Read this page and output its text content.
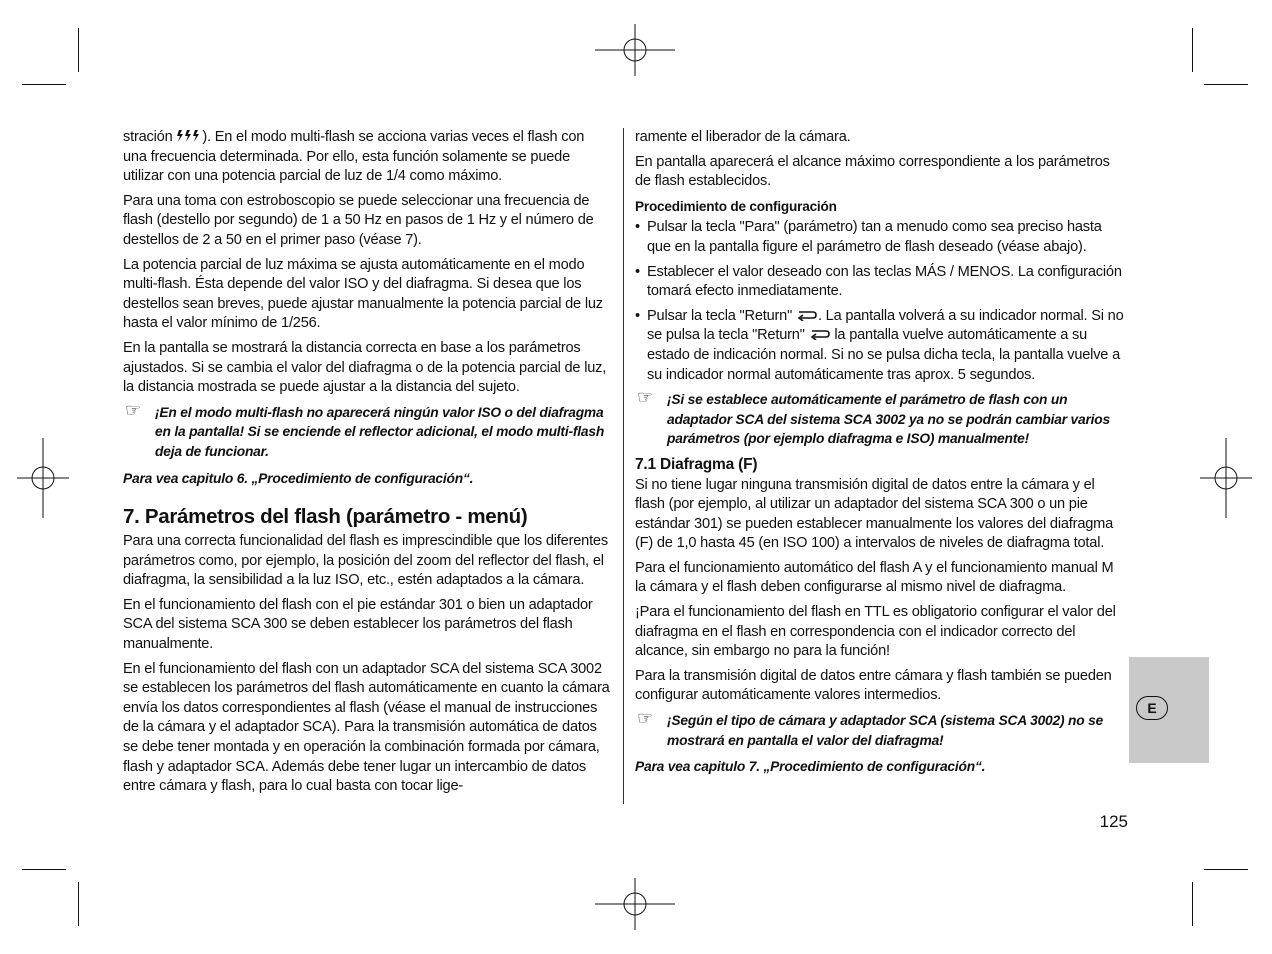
stración ). En el modo multi-flash se acciona varias veces el flash con una frecuencia determinada. Por ello, esta función solamente se puede utilizar con una potencia parcial de luz de 1/4 como máximo.

Para una toma con estroboscopio se puede seleccionar una frecuencia de flash (destello por segundo) de 1 a 50 Hz en pasos de 1 Hz y el número de destellos de 2 a 50 en el primer paso (véase 7).

La potencia parcial de luz máxima se ajusta automáticamente en el modo multi-flash. Ésta depende del valor ISO y del diafragma. Si desea que los destellos sean breves, puede ajustar manualmente la potencia parcial de luz hasta el valor mínimo de 1/256.

En la pantalla se mostrará la distancia correcta en base a los parámetros ajustados. Si se cambia el valor del diafragma o de la potencia parcial de luz, la distancia mostrada se puede ajustar a la distancia del sujeto.

☞ ¡En el modo multi-flash no aparecerá ningún valor ISO o del diafragma en la pantalla! Si se enciende el reflector adicional, el modo multi-flash deja de funcionar.

Para vea capitulo 6. „Procedimiento de configuración“.

7. Parámetros del flash (parámetro - menú)

Para una correcta funcionalidad del flash es imprescindible que los diferentes parámetros como, por ejemplo, la posición del zoom del reflector del flash, el diafragma, la sensibilidad a la luz ISO, etc., estén adaptados a la cámara.

En el funcionamiento del flash con el pie estándar 301 o bien un adaptador SCA del sistema SCA 300 se deben establecer los parámetros del flash manualmente.

En el funcionamiento del flash con un adaptador SCA del sistema SCA 3002 se establecen los parámetros del flash automáticamente en cuanto la cámara envía los datos correspondientes al flash (véase el manual de instrucciones de la cámara y el adaptador SCA). Para la transmisión automática de datos se debe tener montada y en operación la combinación formada por cámara, flash y adaptador SCA. Además debe tener lugar un intercambio de datos entre cámara y flash, para lo cual basta con tocar lige-

ramente el liberador de la cámara.

En pantalla aparecerá el alcance máximo correspondiente a los parámetros de flash establecidos.

Procedimiento de configuración
• Pulsar la tecla "Para" (parámetro) tan a menudo como sea preciso hasta que en la pantalla figure el parámetro de flash deseado (véase abajo).
• Establecer el valor deseado con las teclas MÁS / MENOS. La configuración tomará efecto inmediatamente.
• Pulsar la tecla "Return" . La pantalla volverá a su indicador normal. Si no se pulsa la tecla "Return"  la pantalla vuelve automáticamente a su estado de indicación normal. Si no se pulsa dicha tecla, la pantalla vuelve a su indicador normal automáticamente tras aprox. 5 segundos.
☞ ¡Si se establece automáticamente el parámetro de flash con un adaptador SCA del sistema SCA 3002 ya no se podrán cambiar varios parámetros (por ejemplo diafragma e ISO) manualmente!
7.1 Diafragma (F)

Si no tiene lugar ninguna transmisión digital de datos entre la cámara y el flash (por ejemplo, al utilizar un adaptador del sistema SCA 300 o un pie estándar 301) se pueden establecer manualmente los valores del diafragma (F) de 1,0 hasta 45 (en ISO 100) a intervalos de niveles de diafragma total.

Para el funcionamiento automático del flash A y el funcionamiento manual M la cámara y el flash deben configurarse al mismo nivel de diafragma.

¡Para el funcionamiento del flash en TTL es obligatorio configurar el valor del diafragma en el flash en correspondencia con el indicador correcto del alcance, sin embargo no para la función!

Para la transmisión digital de datos entre cámara y flash también se pueden configurar automáticamente valores intermedios.

☞ ¡Según el tipo de cámara y adaptador SCA (sistema SCA 3002) no se mostrará en pantalla el valor del diafragma!

Para vea capitulo 7. „Procedimiento de configuración“.

E
125
